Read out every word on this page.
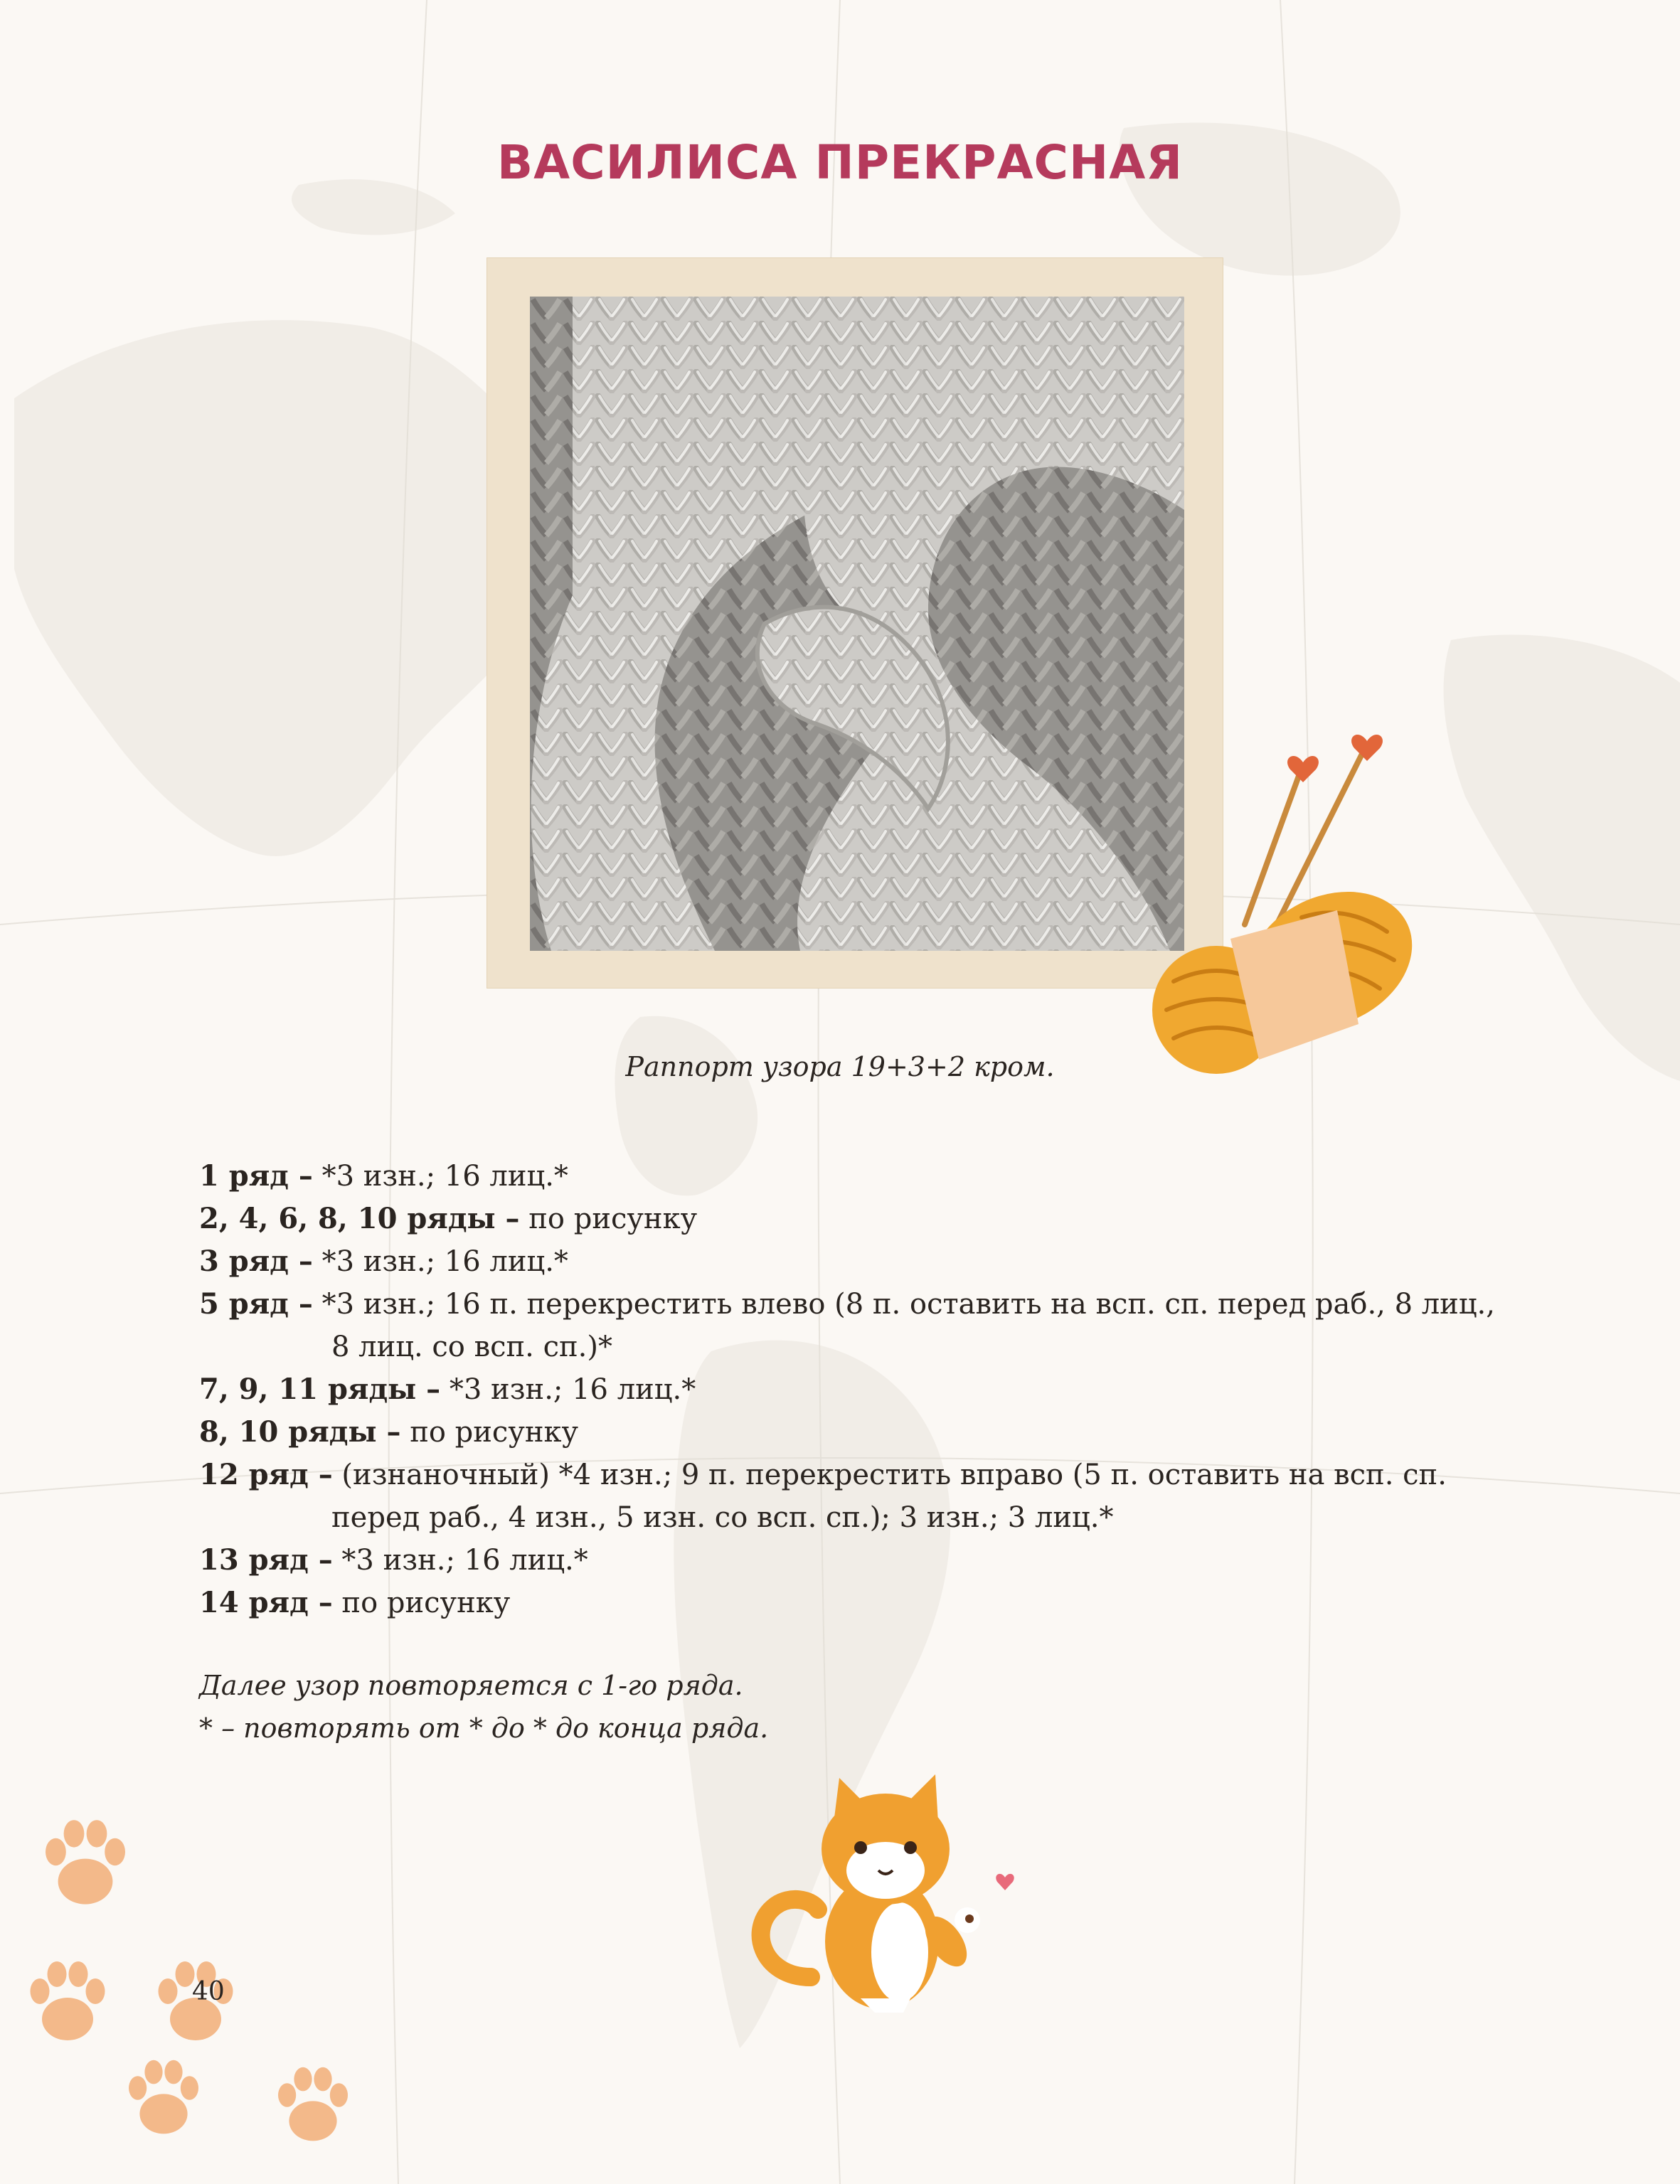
ВАСИЛИСА ПРЕКРАСНАЯ
Раппорт узора 19+3+2 кром.

1 ряд – *3 изн.; 16 лиц.*

2, 4, 6, 8, 10 ряды – по рисунку

3 ряд – *3 изн.; 16 лиц.*

5 ряд – *3 изн.; 16 п. перекрестить влево (8 п. оставить на всп. сп. перед раб., 8 лиц.,
8 лиц. со всп. сп.)*

7, 9, 11 ряды – *3 изн.; 16 лиц.*

8, 10 ряды – по рисунку

12 ряд – (изнаночный) *4 изн.; 9 п. перекрестить вправо (5 п. оставить на всп. сп.
перед раб., 4 изн., 5 изн. со всп. сп.); 3 изн.; 3 лиц.*

13 ряд – *3 изн.; 16 лиц.*

14 ряд – по рисунку

Далее узор повторяется с 1-го ряда.

* – повторять от * до * до конца ряда.

40
